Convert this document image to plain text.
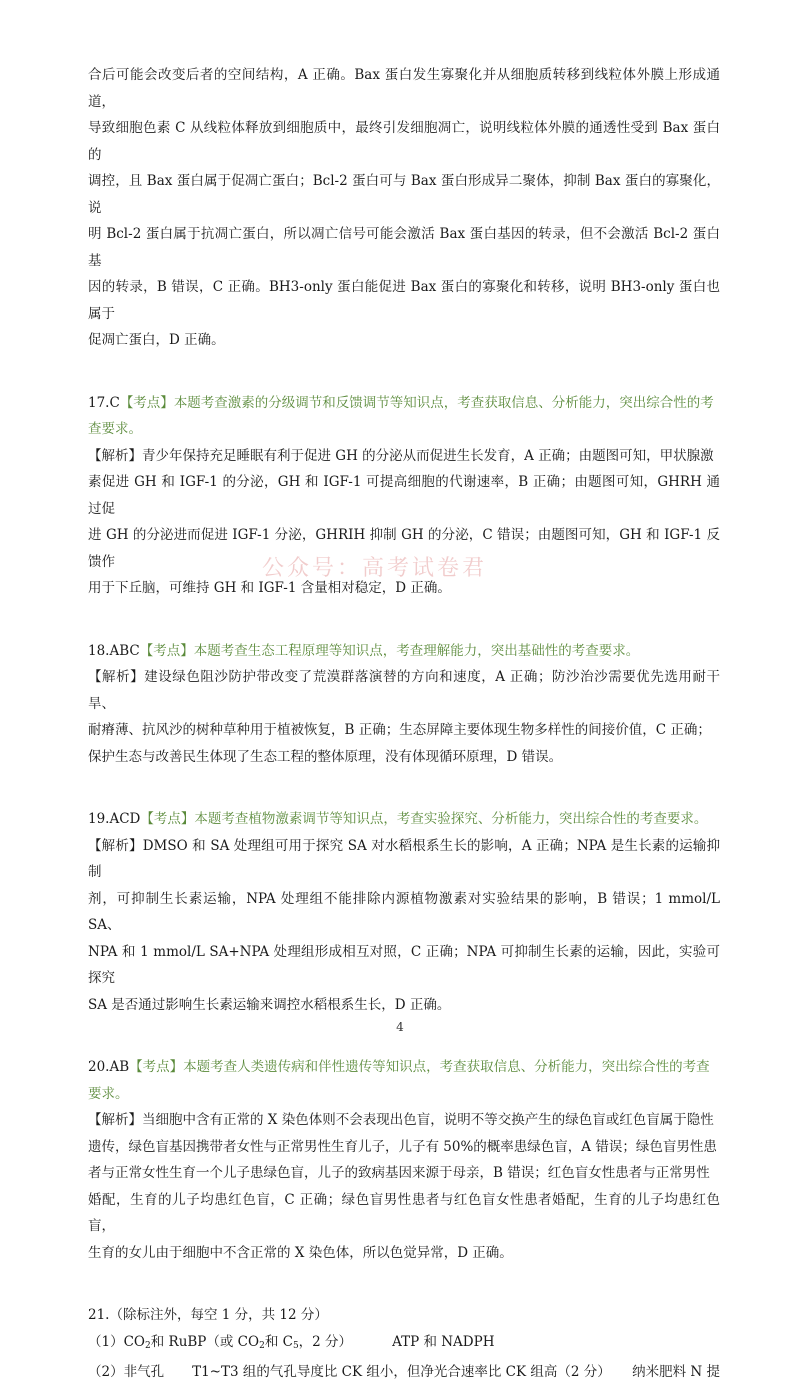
合后可能会改变后者的空间结构，A 正确。Bax 蛋白发生寡聚化并从细胞质转移到线粒体外膜上形成通道，

导致细胞色素 C 从线粒体释放到细胞质中，最终引发细胞凋亡，说明线粒体外膜的通透性受到 Bax 蛋白的

调控，且 Bax 蛋白属于促凋亡蛋白；Bcl-2 蛋白可与 Bax 蛋白形成异二聚体，抑制 Bax 蛋白的寡聚化，说

明 Bcl-2 蛋白属于抗凋亡蛋白，所以凋亡信号可能会激活 Bax 蛋白基因的转录，但不会激活 Bcl-2 蛋白基

因的转录，B 错误，C 正确。BH3-only 蛋白能促进 Bax 蛋白的寡聚化和转移，说明 BH3-only 蛋白也属于

促凋亡蛋白，D 正确。

17.C【考点】本题考查激素的分级调节和反馈调节等知识点，考查获取信息、分析能力，突出综合性的考

查要求。

【解析】青少年保持充足睡眠有利于促进 GH 的分泌从而促进生长发育，A 正确；由题图可知，甲状腺激

素促进 GH 和 IGF-1 的分泌，GH 和 IGF-1 可提高细胞的代谢速率，B 正确；由题图可知，GHRH 通过促

进 GH 的分泌进而促进 IGF-1 分泌，GHRIH 抑制 GH 的分泌，C 错误；由题图可知，GH 和 IGF-1 反馈作

用于下丘脑，可维持 GH 和 IGF-1 含量相对稳定，D 正确。

18.ABC【考点】本题考查生态工程原理等知识点，考查理解能力，突出基础性的考查要求。

【解析】建设绿色阻沙防护带改变了荒漠群落演替的方向和速度，A 正确；防沙治沙需要优先选用耐干旱、

耐瘠薄、抗风沙的树种草种用于植被恢复，B 正确；生态屏障主要体现生物多样性的间接价值，C 正确；

保护生态与改善民生体现了生态工程的整体原理，没有体现循环原理，D 错误。

19.ACD【考点】本题考查植物激素调节等知识点，考查实验探究、分析能力，突出综合性的考查要求。

【解析】DMSO 和 SA 处理组可用于探究 SA 对水稻根系生长的影响，A 正确；NPA 是生长素的运输抑制

剂，可抑制生长素运输，NPA 处理组不能排除内源植物激素对实验结果的影响，B 错误；1 mmol/L SA、

NPA 和 1 mmol/L SA+NPA 处理组形成相互对照，C 正确；NPA 可抑制生长素的运输，因此，实验可探究

SA 是否通过影响生长素运输来调控水稻根系生长，D 正确。

20.AB【考点】本题考查人类遗传病和伴性遗传等知识点，考查获取信息、分析能力，突出综合性的考查

要求。

【解析】当细胞中含有正常的 X 染色体则不会表现出色盲，说明不等交换产生的绿色盲或红色盲属于隐性

遗传，绿色盲基因携带者女性与正常男性生育儿子，儿子有 50%的概率患绿色盲，A 错误；绿色盲男性患

者与正常女性生育一个儿子患绿色盲，儿子的致病基因来源于母亲，B 错误；红色盲女性患者与正常男性

婚配，生育的儿子均患红色盲，C 正确；绿色盲男性患者与红色盲女性患者婚配，生育的儿子均患红色盲，

生育的女儿由于细胞中不含正常的 X 染色体，所以色觉异常，D 正确。

21.（除标注外，每空 1 分，共 12 分）

$(1)CO_2$和 RuBP（或 $CO_2$和 $C_5$，2 分）	ATP 和 NADPH

（2）非气孔 T1~T3 组的气孔导度比 CK 组小，但净光合速率比 CK 组高（2 分） 纳米肥料 N 提

公众号：高考试卷君
4
